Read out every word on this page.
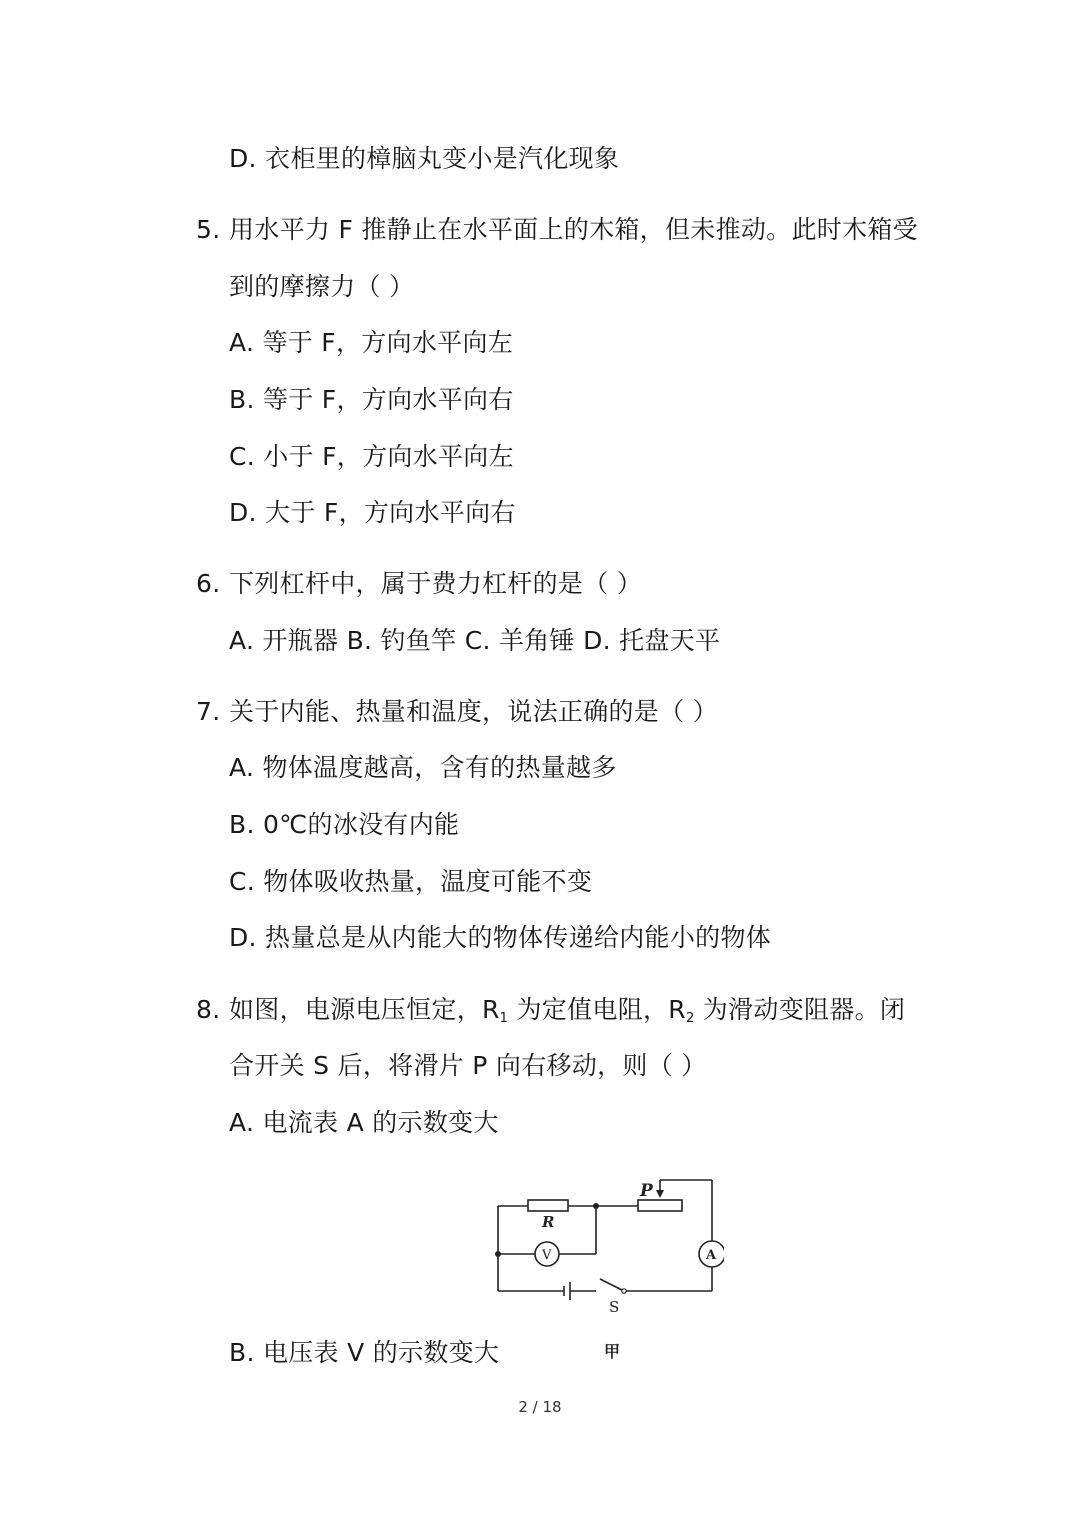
D. 衣柜里的樟脑丸变小是汽化现象
5. 用水平力 F 推静止在水平面上的木箱，但未推动。此时木箱受
到的摩擦力（ ）
A. 等于 F，方向水平向左
B. 等于 F，方向水平向右
C. 小于 F，方向水平向左
D. 大于 F，方向水平向右
6. 下列杠杆中，属于费力杠杆的是（ ）
A. 开瓶器 B. 钓鱼竿 C. 羊角锤 D. 托盘天平
7. 关于内能、热量和温度，说法正确的是（ ）
A. 物体温度越高，含有的热量越多
B. 0℃的冰没有内能
C. 物体吸收热量，温度可能不变
D. 热量总是从内能大的物体传递给内能小的物体
8. 如图，电源电压恒定，$R_1$ 为定值电阻，$R_2$ 为滑动变阻器。闭
合开关 S 后，将滑片 P 向右移动，则（ ）
A. 电流表 A 的示数变大
B. 电压表 V 的示数变大
P
R
V	A
S
甲
2 / 18
